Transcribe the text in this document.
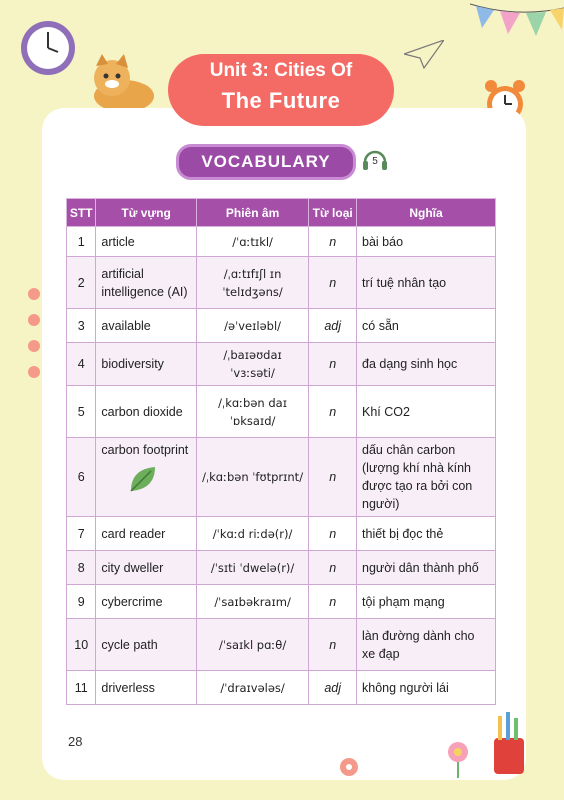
Unit 3: Cities Of
The Future
VOCABULARY	5
STT	Từ vựng	Phiên âm	Từ loại	Nghĩa
1	article	/ˈɑːtɪkl/	n	bài báo
2	artificial intelligence (AI)	/ˌɑːtɪfɪʃl ɪnˈtelɪdʒəns/	n	trí tuệ nhân tạo
3	available	/əˈveɪləbl/	adj	có sẵn
4	biodiversity	/ˌbaɪəʊdaɪˈvɜːsəti/	n	đa dạng sinh học
5	carbon dioxide	/ˌkɑːbən daɪˈɒksaɪd/	n	Khí CO2
6	carbon footprint	/ˌkɑːbən ˈfʊtprɪnt/	n	dấu chân carbon (lượng khí nhà kính được tạo ra bởi con người)
7	card reader	/ˈkɑːd riːdə(r)/	n	thiết bị đọc thẻ
8	city dweller	/ˈsɪti ˈdwelə(r)/	n	người dân thành phố
9	cybercrime	/ˈsaɪbəkraɪm/	n	tội phạm mạng
10	cycle path	/ˈsaɪkl pɑːθ/	n	làn đường dành cho xe đạp
11	driverless	/ˈdraɪvələs/	adj	không người lái
28
